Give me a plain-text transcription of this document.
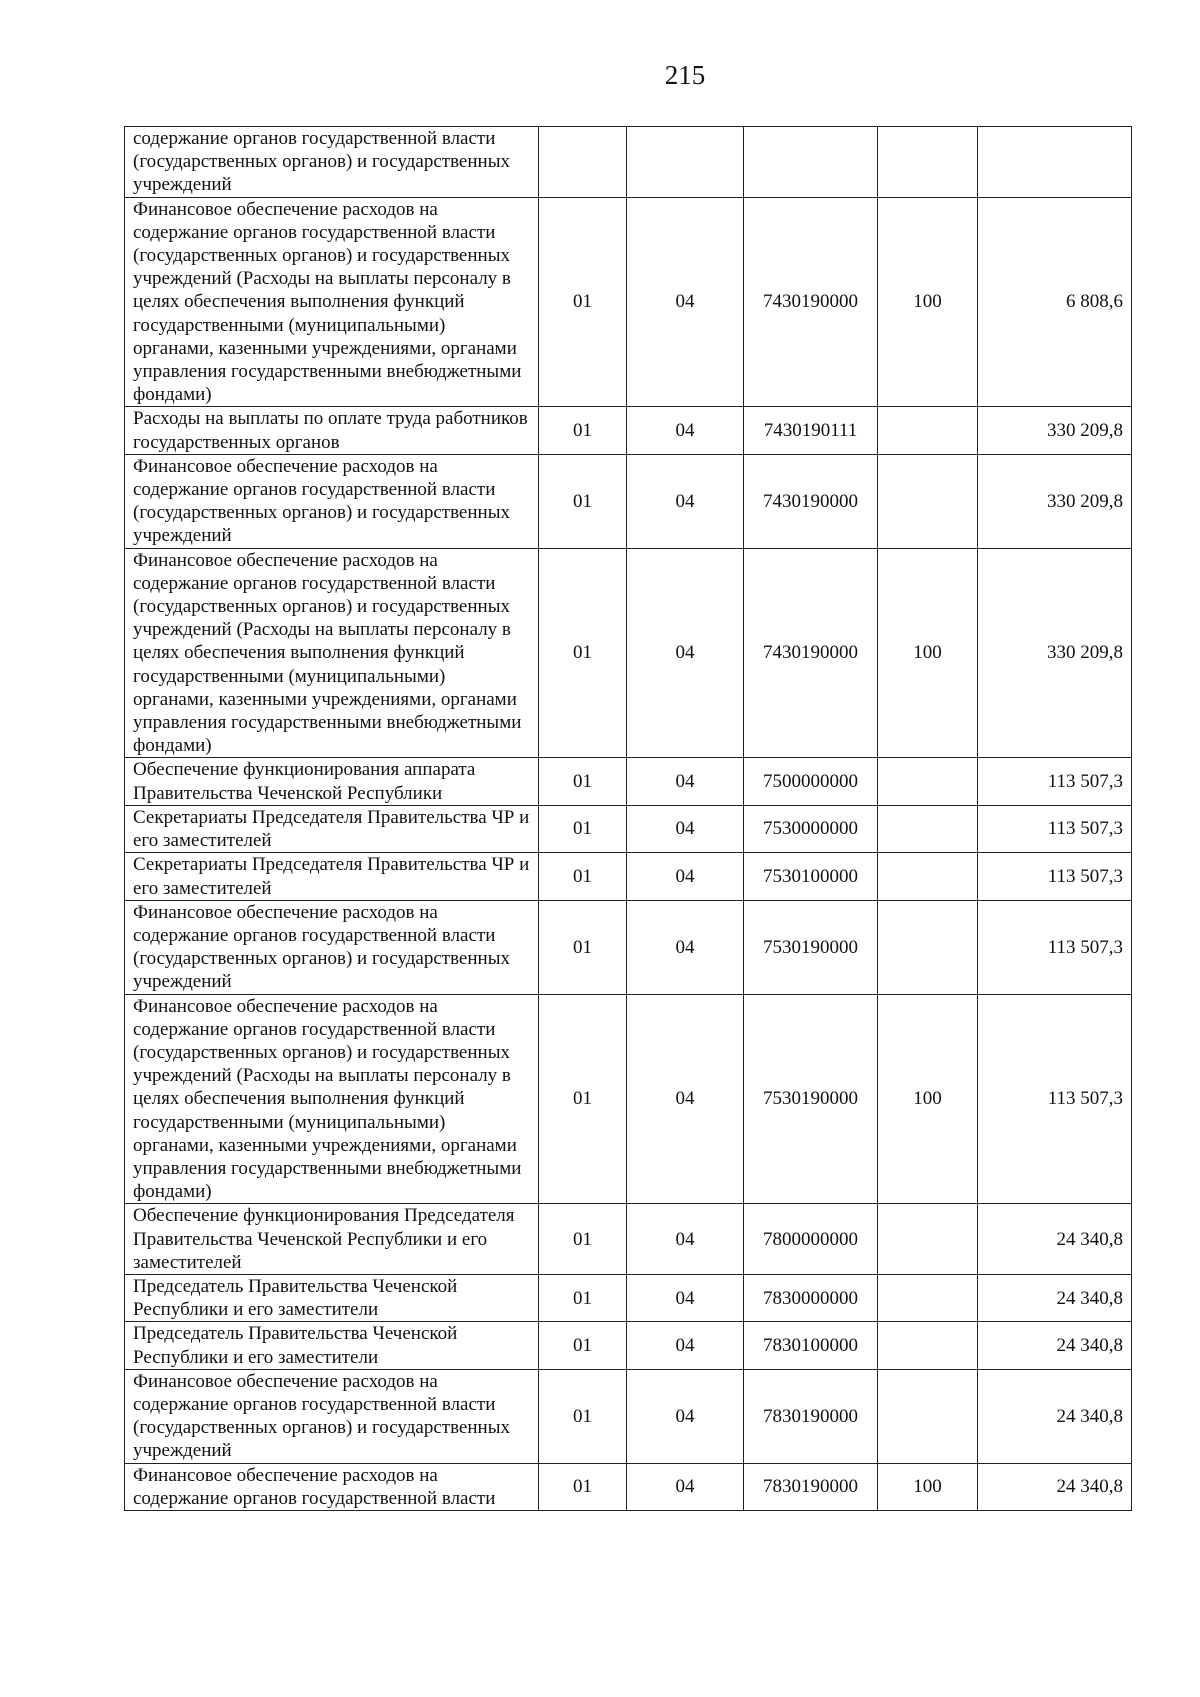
215
содержание органов государственной власти (государственных органов) и государственных учреждений					
Финансовое обеспечение расходов на содержание органов государственной власти (государственных органов) и государственных учреждений (Расходы на выплаты персоналу в целях обеспечения выполнения функций государственными (муниципальными) органами, казенными учреждениями, органами управления государственными внебюджетными фондами)	01	04	7430190000	100	6 808,6
Расходы на выплаты по оплате труда работников государственных органов	01	04	7430190111		330 209,8
Финансовое обеспечение расходов на содержание органов государственной власти (государственных органов) и государственных учреждений	01	04	7430190000		330 209,8
Финансовое обеспечение расходов на содержание органов государственной власти (государственных органов) и государственных учреждений (Расходы на выплаты персоналу в целях обеспечения выполнения функций государственными (муниципальными) органами, казенными учреждениями, органами управления государственными внебюджетными фондами)	01	04	7430190000	100	330 209,8
Обеспечение функционирования аппарата Правительства Чеченской Республики	01	04	7500000000		113 507,3
Секретариаты Председателя Правительства ЧР и его заместителей	01	04	7530000000		113 507,3
Секретариаты Председателя Правительства ЧР и его заместителей	01	04	7530100000		113 507,3
Финансовое обеспечение расходов на содержание органов государственной власти (государственных органов) и государственных учреждений	01	04	7530190000		113 507,3
Финансовое обеспечение расходов на содержание органов государственной власти (государственных органов) и государственных учреждений (Расходы на выплаты персоналу в целях обеспечения выполнения функций государственными (муниципальными) органами, казенными учреждениями, органами управления государственными внебюджетными фондами)	01	04	7530190000	100	113 507,3
Обеспечение функционирования Председателя Правительства Чеченской Республики и его заместителей	01	04	7800000000		24 340,8
Председатель Правительства Чеченской Республики и его заместители	01	04	7830000000		24 340,8
Председатель Правительства Чеченской Республики и его заместители	01	04	7830100000		24 340,8
Финансовое обеспечение расходов на содержание органов государственной власти (государственных органов) и государственных учреждений	01	04	7830190000		24 340,8
Финансовое обеспечение расходов на содержание органов государственной власти	01	04	7830190000	100	24 340,8
